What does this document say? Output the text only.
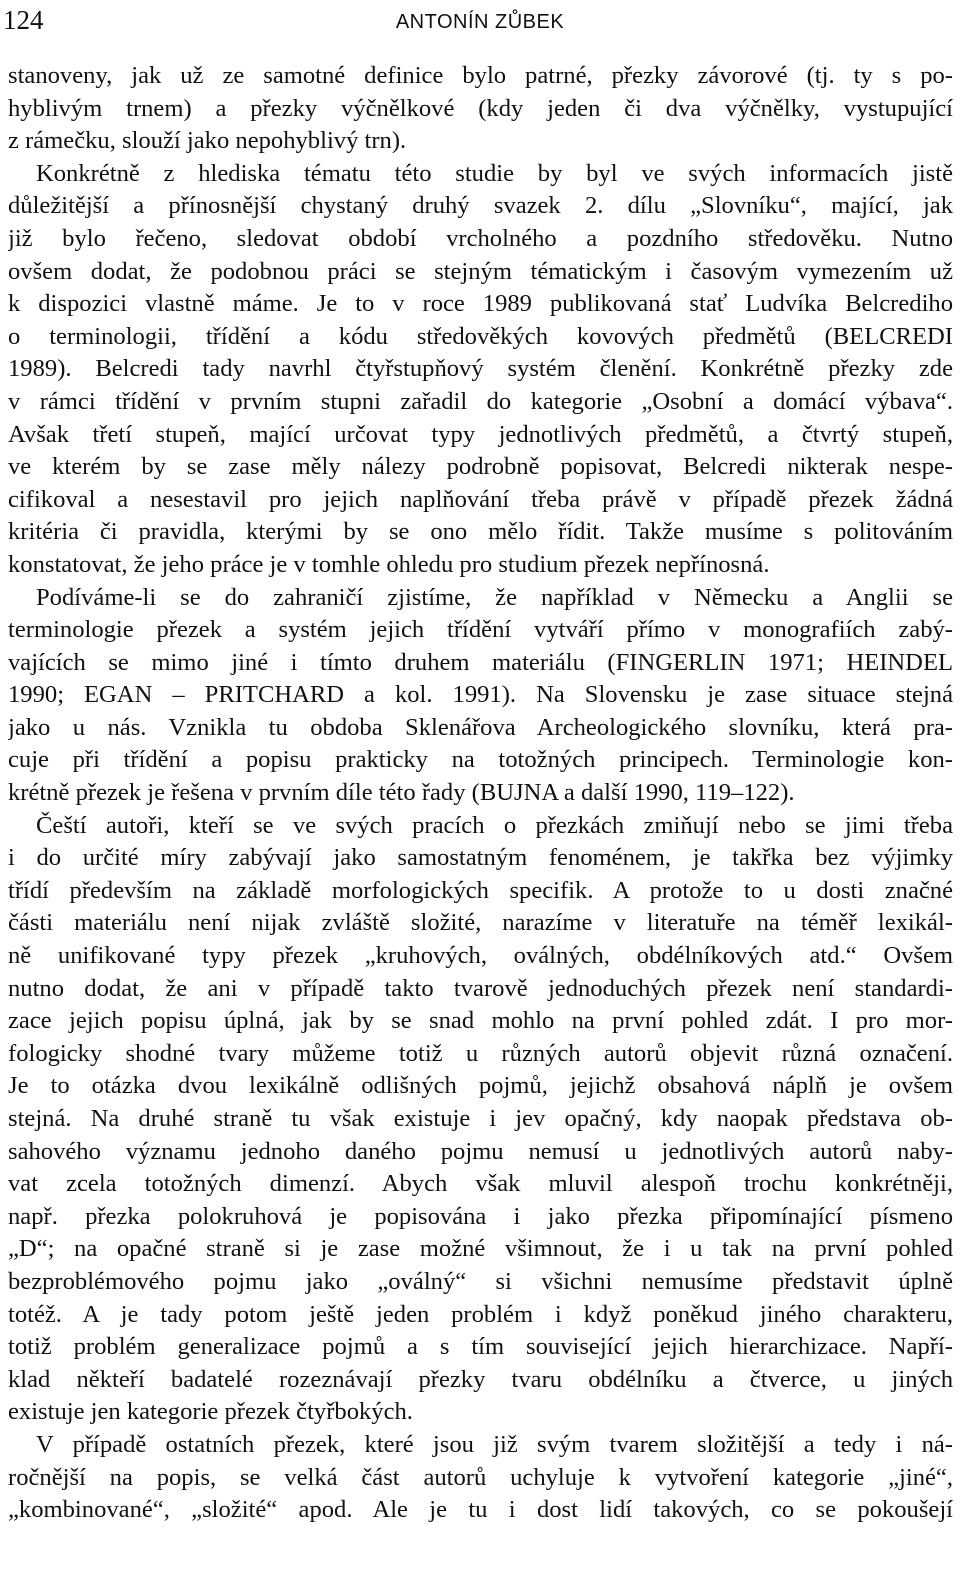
124	ANTONÍN ZŮBEK
stanoveny, jak už ze samotné definice bylo patrné, přezky závorové (tj. ty s po-
hyblivým trnem) a přezky výčnělkové (kdy jeden či dva výčnělky, vystupující
z rámečku, slouží jako nepohyblivý trn).
Konkrétně z hlediska tématu této studie by byl ve svých informacích jistě
důležitější a přínosnější chystaný druhý svazek 2. dílu „Slovníku“, mající, jak
již bylo řečeno, sledovat období vrcholného a pozdního středověku. Nutno
ovšem dodat, že podobnou práci se stejným tématickým i časovým vymezením už
k dispozici vlastně máme. Je to v roce 1989 publikovaná stať Ludvíka Belcrediho
o terminologii, třídění a kódu středověkých kovových předmětů (BELCREDI
1989). Belcredi tady navrhl čtyřstupňový systém členění. Konkrétně přezky zde
v rámci třídění v prvním stupni zařadil do kategorie „Osobní a domácí výbava“.
Avšak třetí stupeň, mající určovat typy jednotlivých předmětů, a čtvrtý stupeň,
ve kterém by se zase měly nálezy podrobně popisovat, Belcredi nikterak nespe-
cifikoval a nesestavil pro jejich naplňování třeba právě v případě přezek žádná
kritéria či pravidla, kterými by se ono mělo řídit. Takže musíme s politováním
konstatovat, že jeho práce je v tomhle ohledu pro studium přezek nepřínosná.
Podíváme-li se do zahraničí zjistíme, že například v Německu a Anglii se
terminologie přezek a systém jejich třídění vytváří přímo v monografiích zabý-
vajících se mimo jiné i tímto druhem materiálu (FINGERLIN 1971; HEINDEL
1990; EGAN – PRITCHARD a kol. 1991). Na Slovensku je zase situace stejná
jako u nás. Vznikla tu obdoba Sklenářova Archeologického slovníku, která pra-
cuje při třídění a popisu prakticky na totožných principech. Terminologie kon-
krétně přezek je řešena v prvním díle této řady (BUJNA a další 1990, 119–122).
Čeští autoři, kteří se ve svých pracích o přezkách zmiňují nebo se jimi třeba
i do určité míry zabývají jako samostatným fenoménem, je takřka bez výjimky
třídí především na základě morfologických specifik. A protože to u dosti značné
části materiálu není nijak zvláště složité, narazíme v literatuře na téměř lexikál-
ně unifikované typy přezek „kruhových, oválných, obdélníkových atd.“ Ovšem
nutno dodat, že ani v případě takto tvarově jednoduchých přezek není standardi-
zace jejich popisu úplná, jak by se snad mohlo na první pohled zdát. I pro mor-
fologicky shodné tvary můžeme totiž u různých autorů objevit různá označení.
Je to otázka dvou lexikálně odlišných pojmů, jejichž obsahová náplň je ovšem
stejná. Na druhé straně tu však existuje i jev opačný, kdy naopak představa ob-
sahového významu jednoho daného pojmu nemusí u jednotlivých autorů naby-
vat zcela totožných dimenzí. Abych však mluvil alespoň trochu konkrétněji,
např. přezka polokruhová je popisována i jako přezka připomínající písmeno
„D“; na opačné straně si je zase možné všimnout, že i u tak na první pohled
bezproblémového pojmu jako „oválný“ si všichni nemusíme představit úplně
totéž. A je tady potom ještě jeden problém i když poněkud jiného charakteru,
totiž problém generalizace pojmů a s tím související jejich hierarchizace. Napří-
klad někteří badatelé rozeznávají přezky tvaru obdélníku a čtverce, u jiných
existuje jen kategorie přezek čtyřbokých.
V případě ostatních přezek, které jsou již svým tvarem složitější a tedy i ná-
ročnější na popis, se velká část autorů uchyluje k vytvoření kategorie „jiné“,
„kombinované“, „složité“ apod. Ale je tu i dost lidí takových, co se pokoušejí
